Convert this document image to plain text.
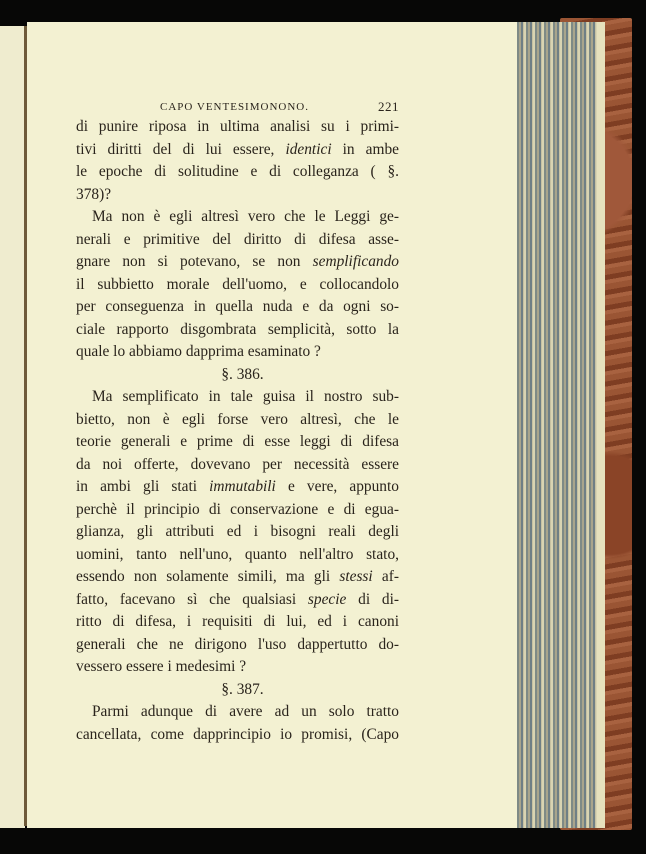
CAPO VENTESIMONONO.	221
di punire riposa in ultima analisi su i primi-
tivi diritti del di lui essere, identici in ambe
le epoche di solitudine e di colleganza ( §.
378)?
Ma non è egli altresì vero che le Leggi ge-
nerali e primitive del diritto di difesa asse-
gnare non si potevano, se non semplificando
il subbietto morale dell'uomo, e collocandolo
per conseguenza in quella nuda e da ogni so-
ciale rapporto disgombrata semplicità, sotto la
quale lo abbiamo dapprima esaminato ?
§. 386.
Ma semplificato in tale guisa il nostro sub-
bietto, non è egli forse vero altresì, che le
teorie generali e prime di esse leggi di difesa
da noi offerte, dovevano per necessità essere
in ambi gli stati immutabili e vere, appunto
perchè il principio di conservazione e di egua-
glianza, gli attributi ed i bisogni reali degli
uomini, tanto nell'uno, quanto nell'altro stato,
essendo non solamente simili, ma gli stessi af-
fatto, facevano sì che qualsiasi specie di di-
ritto di difesa, i requisiti di lui, ed i canoni
generali che ne dirigono l'uso dappertutto do-
vessero essere i medesimi ?
§. 387.
Parmi adunque di avere ad un solo tratto
cancellata, come dapprincipio io promisi, (Capo
